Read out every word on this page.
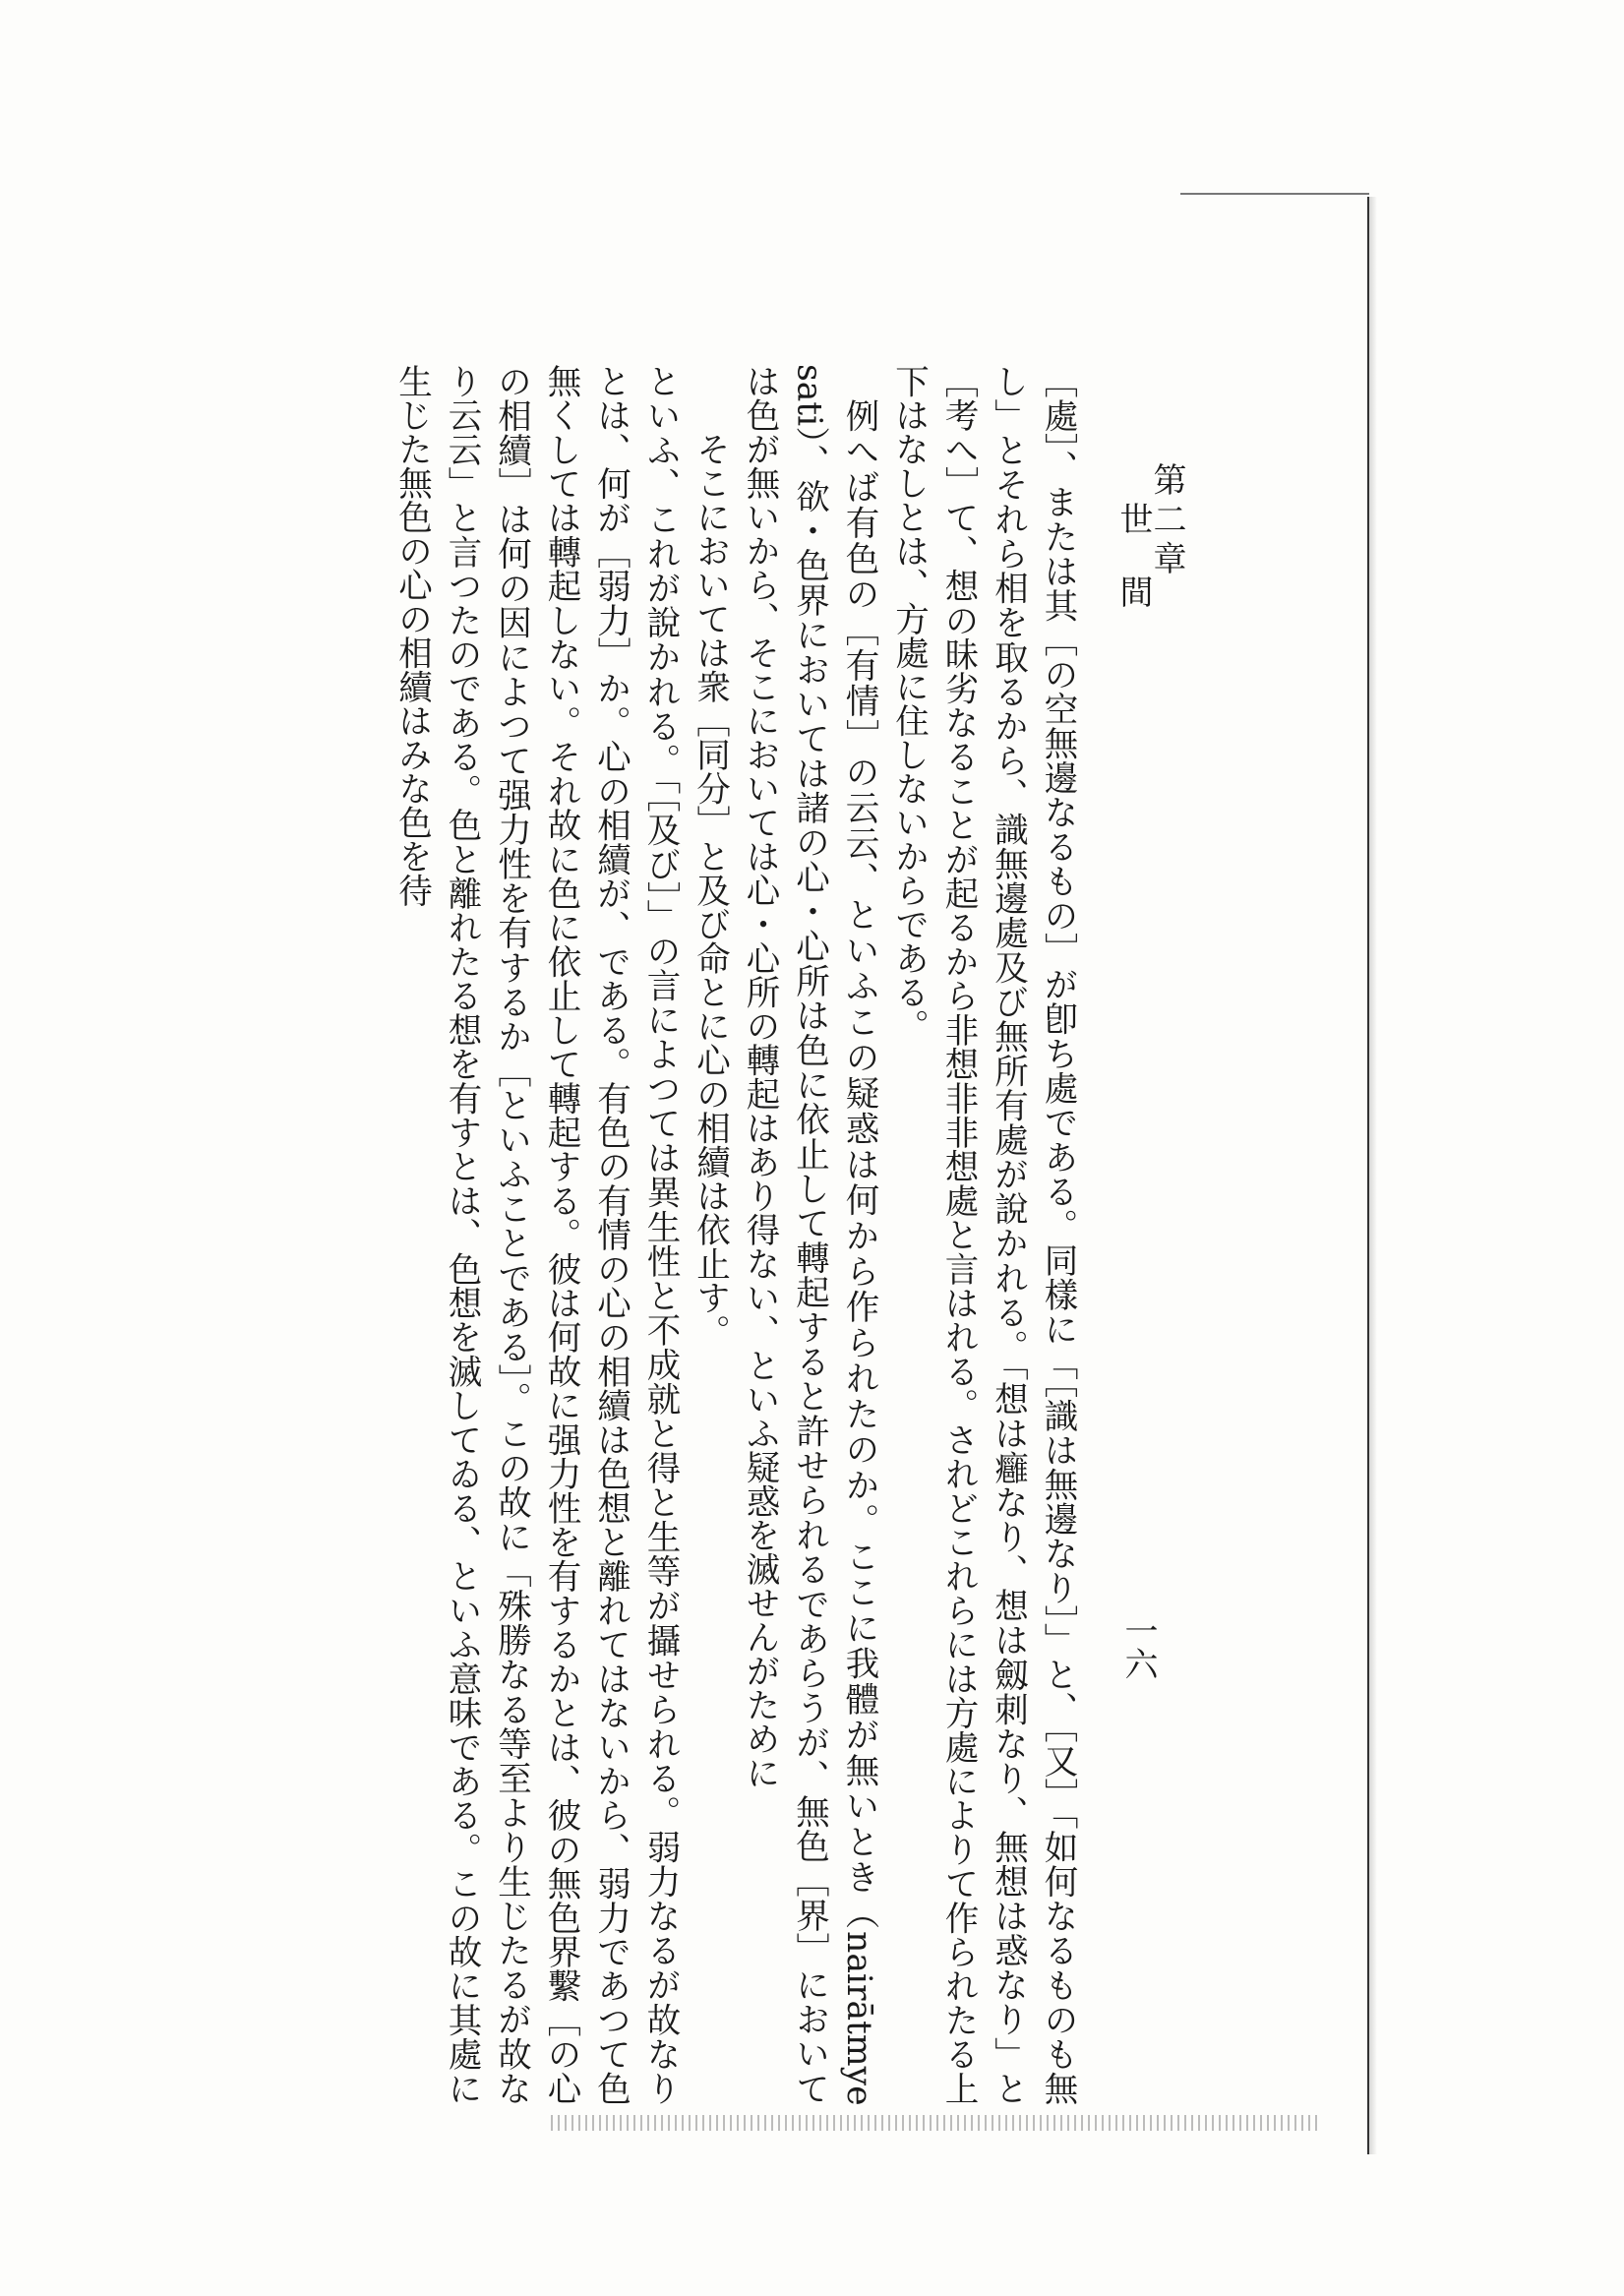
第二章
世間
一六

［處］、または其［の空無邊なるもの］が卽ち處である。同樣に「［識は無邊なり］」と、［又］「如何なるものも無し」とそれら相を取るから、識無邊處及び無所有處が說かれる。「想は癰なり、想は劔刺なり、無想は惑なり」と［考へ］て、想の昧劣なることが起るから非想非非想處と言はれる。されどこれらには方處によりて作られたる上下はなしとは、方處に住しないからである。

例へば有色の［有情］の云云、といふこの疑惑は何から作られたのか。ここに我體が無いとき（nairātmye sati）、欲・色界においては諸の心・心所は色に依止して轉起すると許せられるであらうが、無色［界］においては色が無いから、そこにおいては心・心所の轉起はあり得ない、といふ疑惑を滅せんがために

そこにおいては衆［同分］と及び命とに心の相續は依止す。

といふ、これが說かれる。「［及び］」の言によつては異生性と不成就と得と生等が攝せられる。弱力なるが故なりとは、何が［弱力］か。心の相續が、である。有色の有情の心の相續は色想と離れてはないから、弱力であつて色無くしては轉起しない。それ故に色に依止して轉起する。彼は何故に强力性を有するかとは、彼の無色界繫［の心の相續］は何の因によつて强力性を有するか［といふことである］。この故に「殊勝なる等至より生じたるが故なり云云」と言つたのである。色と離れたる想を有すとは、色想を滅してゐる、といふ意味である。この故に其處に生じた無色の心の相續はみな色を待
